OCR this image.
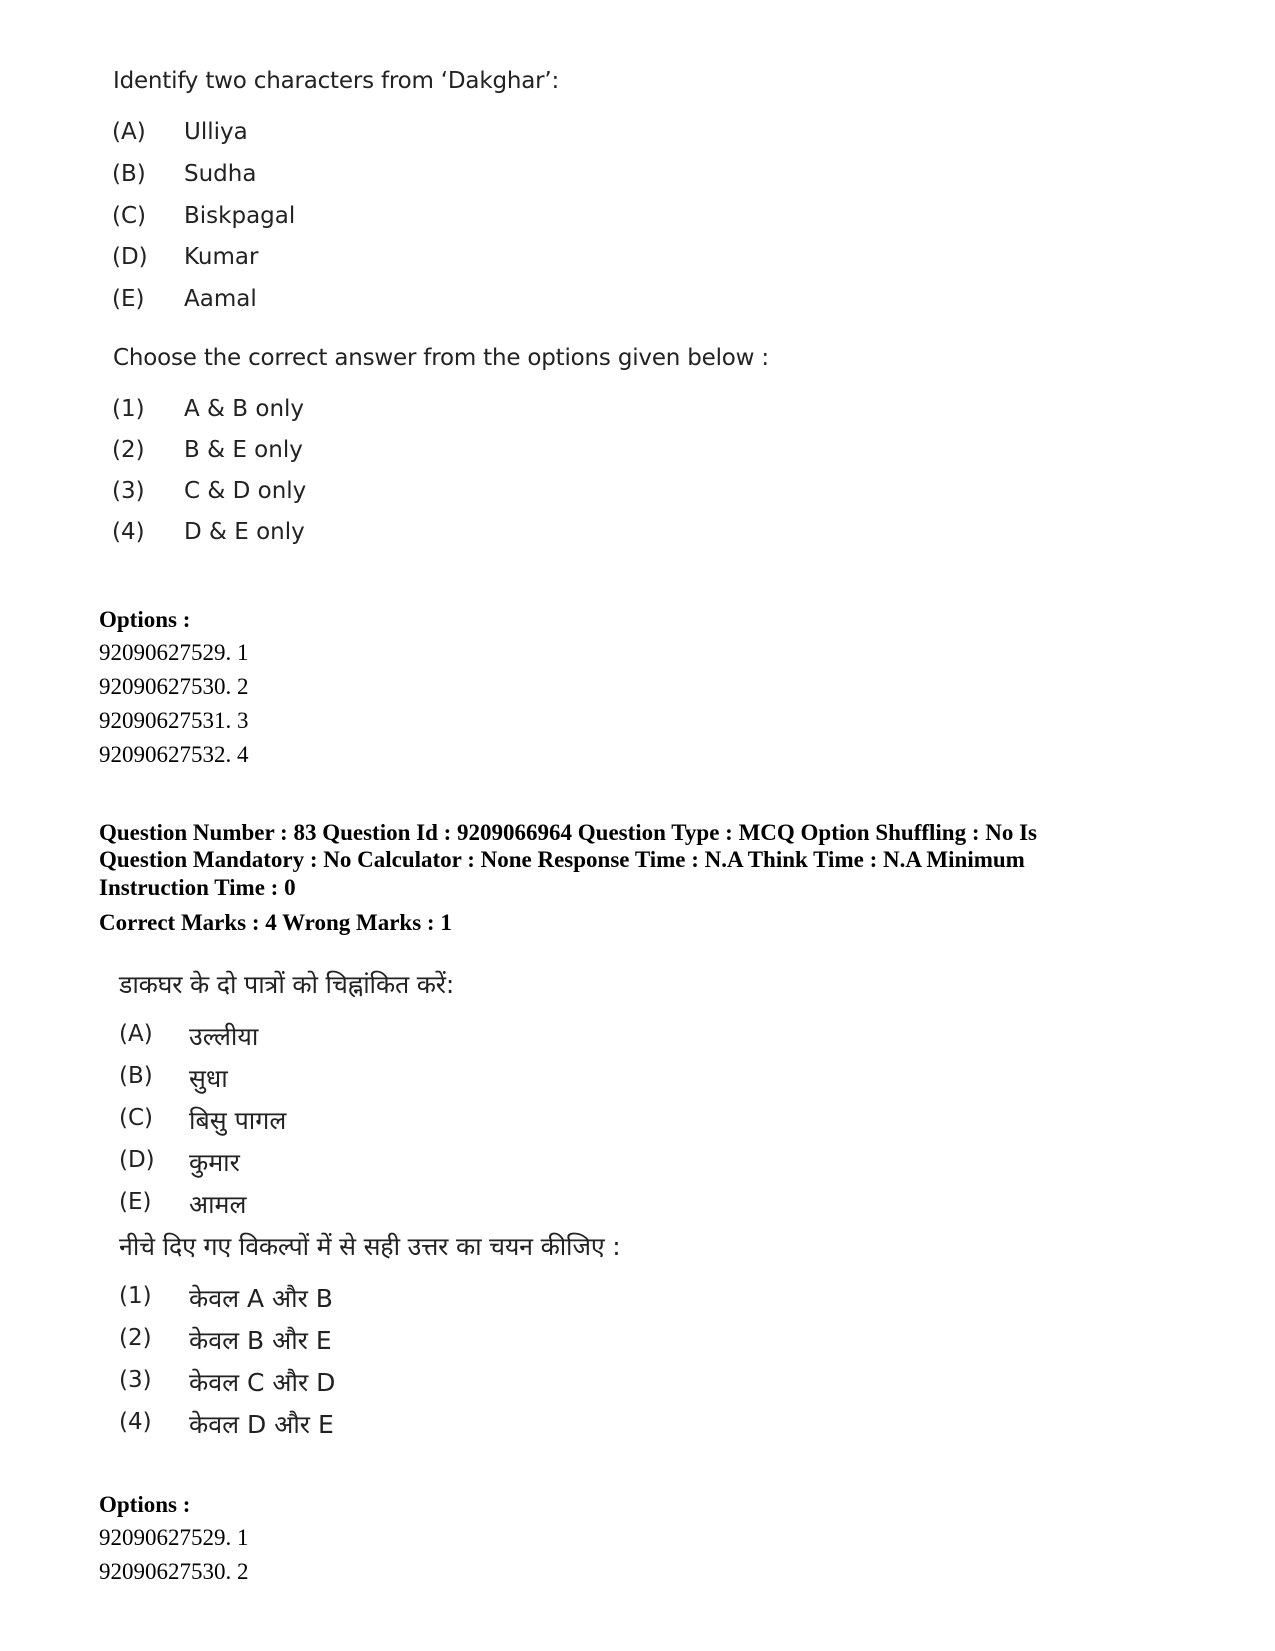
Identify two characters from ‘Dakghar’:
(A) Ulliya
(B) Sudha
(C) Biskpagal
(D) Kumar
(E) Aamal
Choose the correct answer from the options given below :
(1) A & B only
(2) B & E only
(3) C & D only
(4) D & E only
Options :
92090627529. 1
92090627530. 2
92090627531. 3
92090627532. 4
Question Number : 83 Question Id : 9209066964 Question Type : MCQ Option Shuffling : No Is
Question Mandatory : No Calculator : None Response Time : N.A Think Time : N.A Minimum
Instruction Time : 0
Correct Marks : 4 Wrong Marks : 1
डाकघर के दो पात्रों को चिह्नांकित करें:
(A) उल्लीया
(B) सुधा
(C) बिसु पागल
(D) कुमार
(E) आमल
नीचे दिए गए विकल्पों में से सही उत्तर का चयन कीजिए :
(1) केवल A और B
(2) केवल B और E
(3) केवल C और D
(4) केवल D और E
Options :
92090627529. 1
92090627530. 2
